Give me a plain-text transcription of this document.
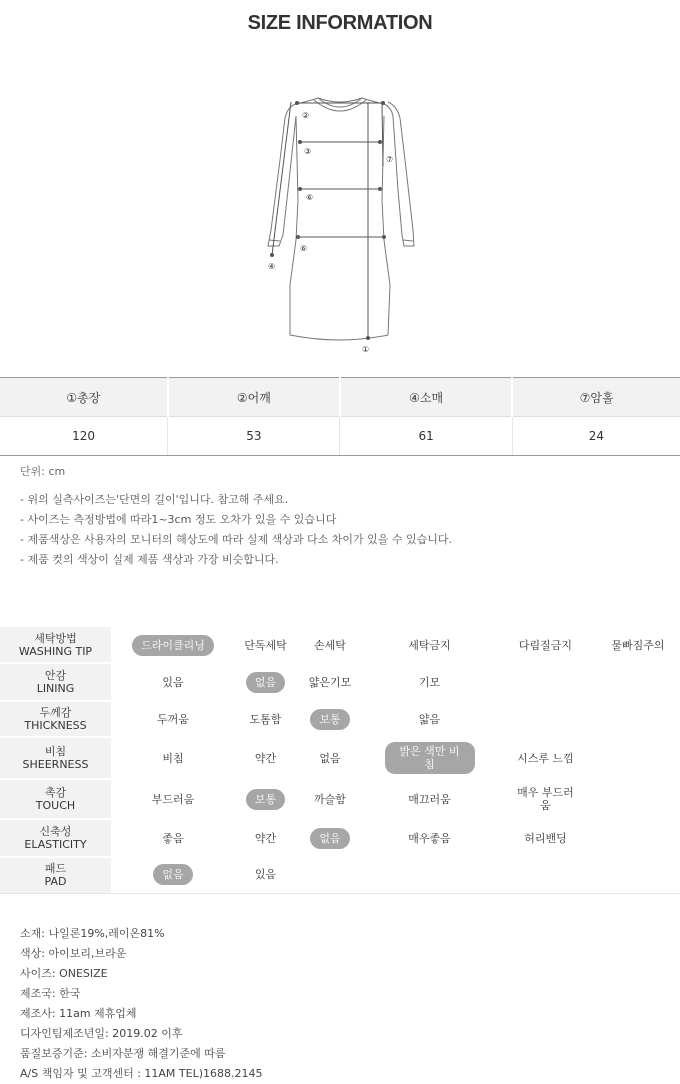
SIZE INFORMATION
②
③
⑦
⑥
⑥
④
①
①총장	②어깨	④소매	⑦암홀
120	53	61	24
단위: cm
- 위의 실측사이즈는'단면의 길이'입니다. 참고해 주세요.
- 사이즈는 측정방법에 따라1~3cm 정도 오차가 있을 수 있습니다
- 제품색상은 사용자의 모니터의 해상도에 따라 실제 색상과 다소 차이가 있을 수 있습니다.
- 제품 컷의 색상이 실제 제품 색상과 가장 비슷합니다.
세탁방법
WASHING TIP	드라이클리닝	단독세탁	손세탁	세탁금지	다림질금지	물빠짐주의

안감
LINING	있음	없음	얇은기모	기모		

두께감
THICKNESS	두꺼움	도톰함	보통	얇음		

비침
SHEERNESS	비침	약간	없음	밝은 색만 비침	시스루 느낌	

촉감
TOUCH	부드러움	보통	까슬함	매끄러움	매우 부드러움	

신축성
ELASTICITY	좋음	약간	없음	매우좋음	허리밴딩	

패드
PAD	없음	있음				
소재: 나일론19%,레이온81%
색상: 아이보리,브라운
사이즈: ONESIZE
제조국: 한국
제조사: 11am 제휴업체
디자인팀제조년일: 2019.02 이후
품질보증기준: 소비자분쟁 해결기준에 따름
A/S 책임자 및 고객센터 : 11AM TEL)1688.2145
